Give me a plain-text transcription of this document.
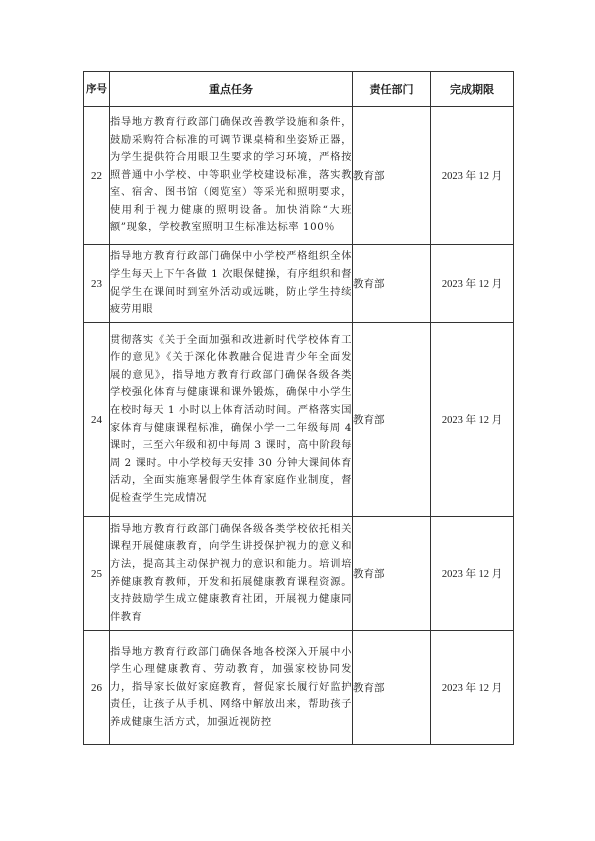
序号	重点任务	责任部门	完成期限
22	指导地方教育行政部门确保改善教学设施和条件，鼓励采购符合标准的可调节课桌椅和坐姿矫正器，为学生提供符合用眼卫生要求的学习环境，严格按照普通中小学校、中等职业学校建设标准，落实教室、宿舍、图书馆（阅览室）等采光和照明要求，使用利于视力健康的照明设备。加快消除“大班额”现象，学校教室照明卫生标准达标率 100％	教育部	2023 年 12 月
23	指导地方教育行政部门确保中小学校严格组织全体学生每天上下午各做 1 次眼保健操，有序组织和督促学生在课间时到室外活动或远眺，防止学生持续疲劳用眼	教育部	2023 年 12 月
24	贯彻落实《关于全面加强和改进新时代学校体育工作的意见》《关于深化体教融合促进青少年全面发展的意见》，指导地方教育行政部门确保各级各类学校强化体育与健康课和课外锻炼，确保中小学生在校时每天 1 小时以上体育活动时间。严格落实国家体育与健康课程标准，确保小学一二年级每周 4 课时，三至六年级和初中每周 3 课时，高中阶段每周 2 课时。中小学校每天安排 30 分钟大课间体育活动，全面实施寒暑假学生体育家庭作业制度，督促检查学生完成情况	教育部	2023 年 12 月
25	指导地方教育行政部门确保各级各类学校依托相关课程开展健康教育，向学生讲授保护视力的意义和方法，提高其主动保护视力的意识和能力。培训培养健康教育教师，开发和拓展健康教育课程资源。支持鼓励学生成立健康教育社团，开展视力健康同伴教育	教育部	2023 年 12 月
26	指导地方教育行政部门确保各地各校深入开展中小学生心理健康教育、劳动教育，加强家校协同发力，指导家长做好家庭教育，督促家长履行好监护责任，让孩子从手机、网络中解放出来，帮助孩子养成健康生活方式，加强近视防控	教育部	2023 年 12 月
